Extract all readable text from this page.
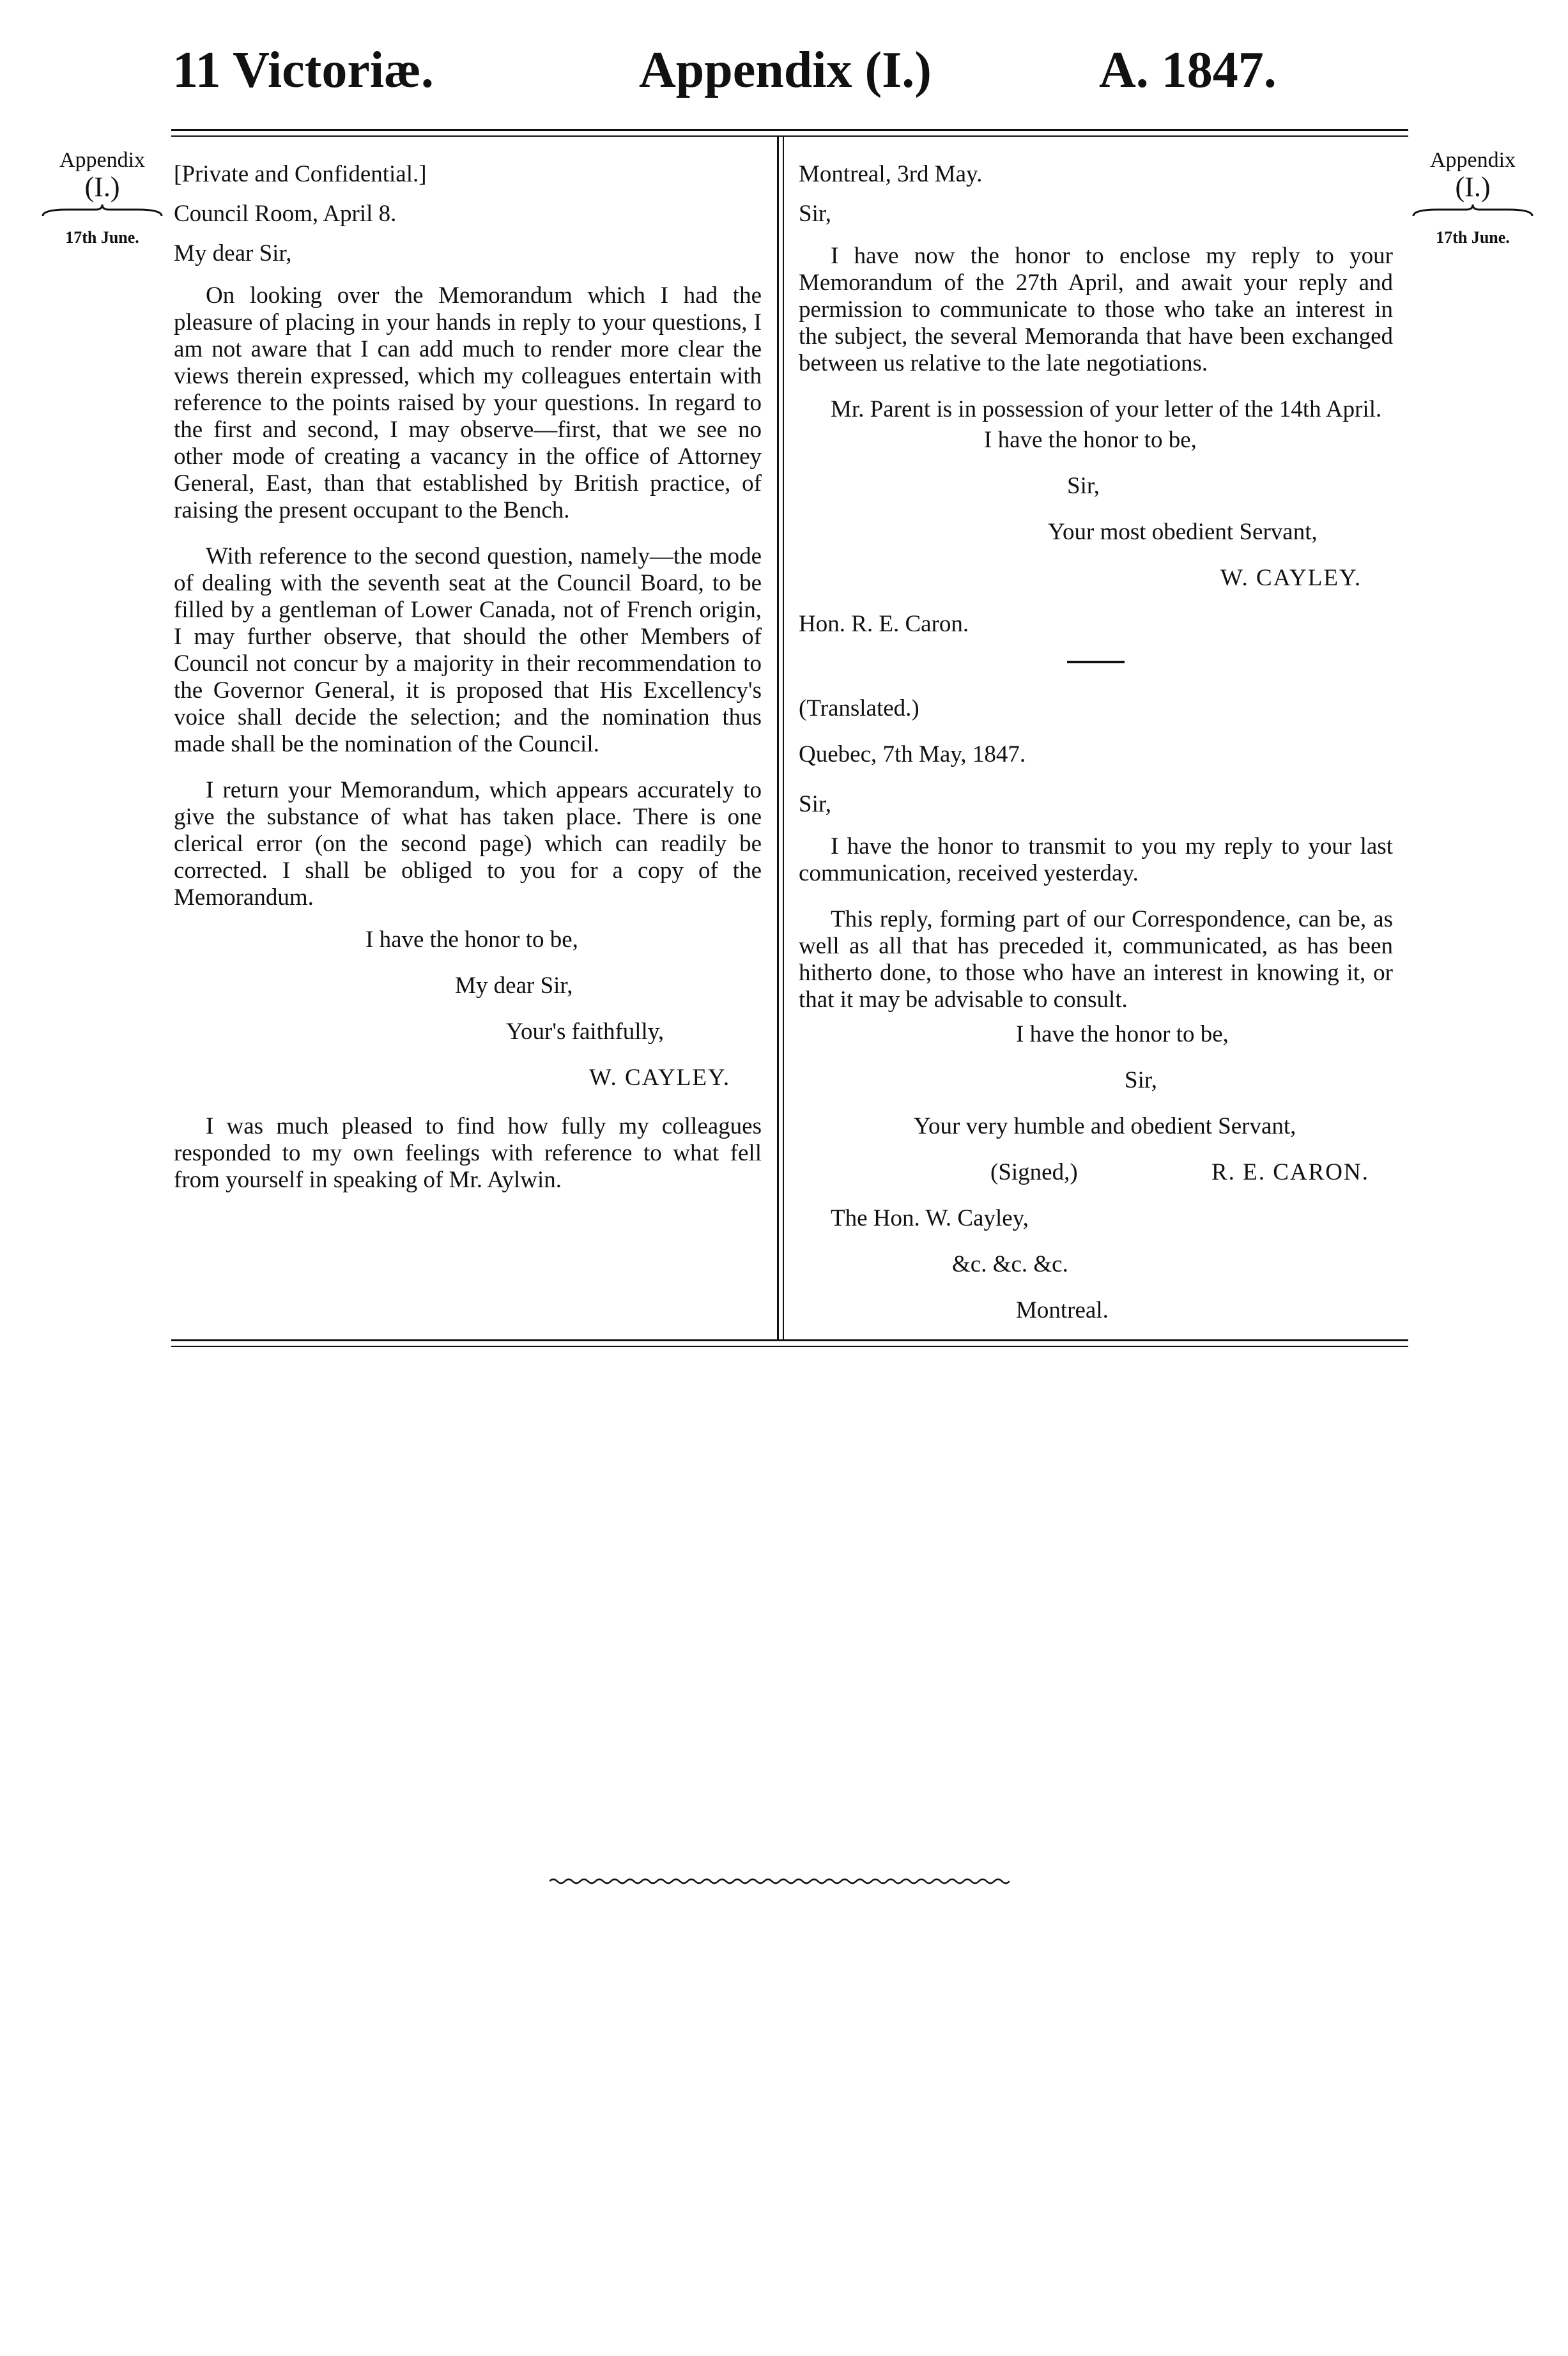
11 Victoriæ.	Appendix (I.)	A. 1847.
Appendix
(I.)
17th June.
Appendix
(I.)
17th June.

[Private and Confidential.]

Council Room, April 8.

My dear Sir,

On looking over the Memorandum which I had the pleasure of placing in your hands in reply to your questions, I am not aware that I can add much to render more clear the views therein expressed, which my colleagues entertain with reference to the points raised by your questions. In regard to the first and second, I may observe—first, that we see no other mode of creating a vacancy in the office of Attorney General, East, than that established by British practice, of raising the present occupant to the Bench.

With reference to the second question, namely—the mode of dealing with the seventh seat at the Council Board, to be filled by a gentleman of Lower Canada, not of French origin, I may further observe, that should the other Members of Council not concur by a majority in their recommendation to the Governor General, it is proposed that His Excellency's voice shall decide the selection; and the nomination thus made shall be the nomination of the Council.

I return your Memorandum, which appears accurately to give the substance of what has taken place. There is one clerical error (on the second page) which can readily be corrected. I shall be obliged to you for a copy of the Memorandum.

I have the honor to be,

My dear Sir,

Your's faithfully,

W. CAYLEY.

I was much pleased to find how fully my colleagues responded to my own feelings with reference to what fell from yourself in speaking of Mr. Aylwin.

Montreal, 3rd May.

Sir,

I have now the honor to enclose my reply to your Memorandum of the 27th April, and await your reply and permission to communicate to those who take an interest in the subject, the several Memoranda that have been exchanged between us relative to the late negotiations.

Mr. Parent is in possession of your letter of the 14th April.

I have the honor to be,

Sir,

Your most obedient Servant,

W. CAYLEY.

Hon. R. E. Caron.

(Translated.)

Quebec, 7th May, 1847.

Sir,

I have the honor to transmit to you my reply to your last communication, received yesterday.

This reply, forming part of our Correspondence, can be, as well as all that has preceded it, communicated, as has been hitherto done, to those who have an interest in knowing it, or that it may be advisable to consult.

I have the honor to be,

Sir,

Your very humble and obedient Servant,

(Signed,)	R. E. CARON.

The Hon. W. Cayley,

&c. &c. &c.

Montreal.
